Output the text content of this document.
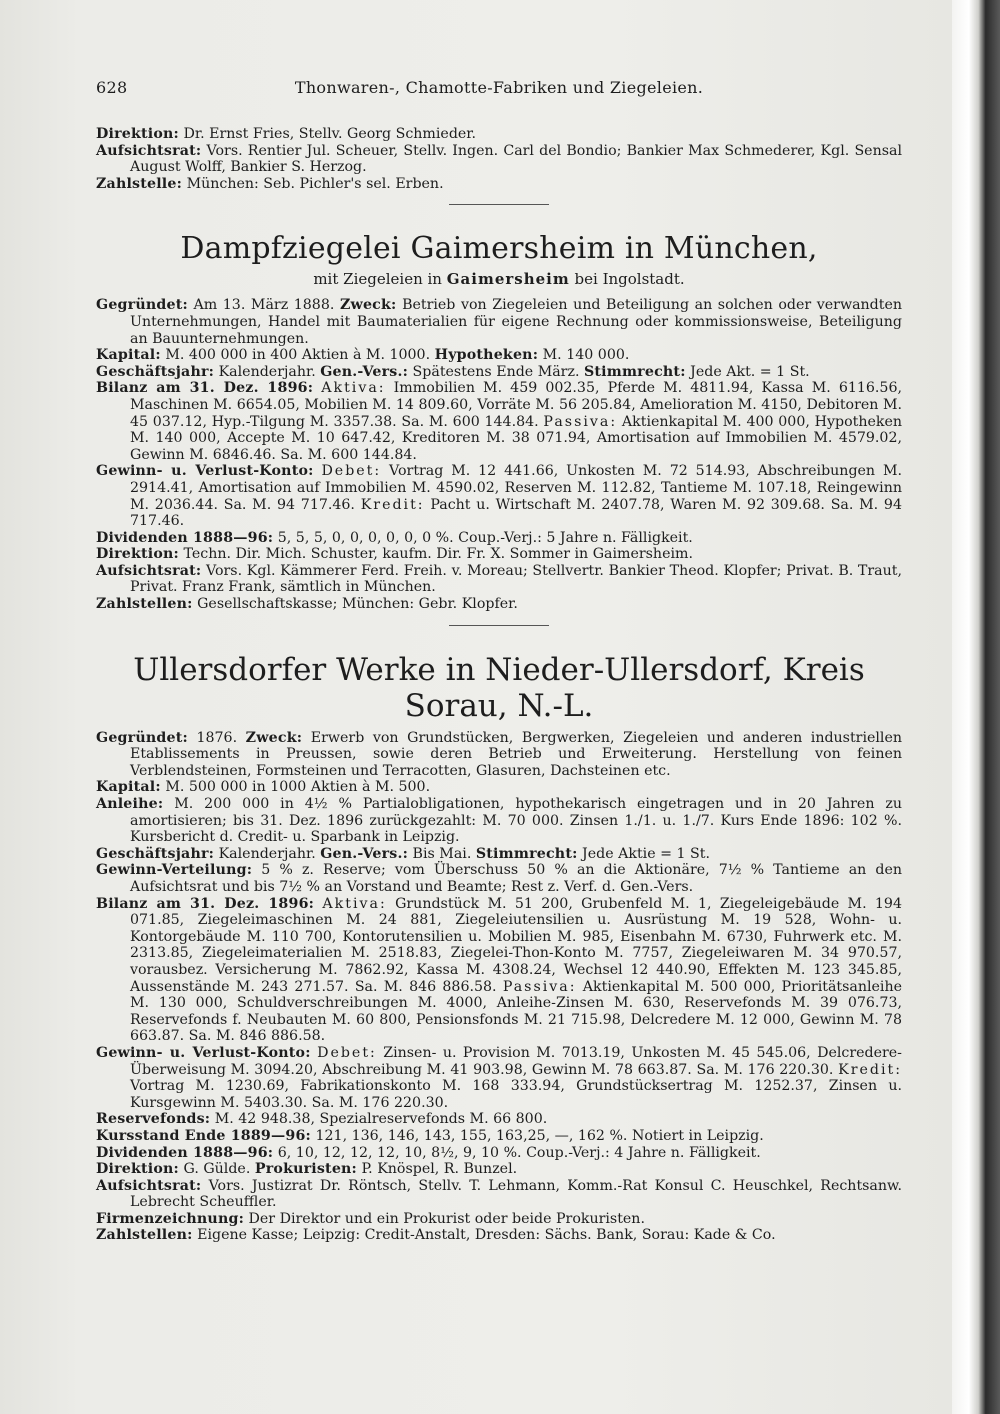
628	Thonwaren-, Chamotte-Fabriken und Ziegeleien.

Direktion: Dr. Ernst Fries, Stellv. Georg Schmieder.

Aufsichtsrat: Vors. Rentier Jul. Scheuer, Stellv. Ingen. Carl del Bondio; Bankier Max Schmederer, Kgl. Sensal August Wolff, Bankier S. Herzog.

Zahlstelle: München: Seb. Pichler's sel. Erben.

Dampfziegelei Gaimersheim in München,
mit Ziegeleien in Gaimersheim bei Ingolstadt.

Gegründet: Am 13. März 1888. Zweck: Betrieb von Ziegeleien und Beteiligung an solchen oder verwandten Unternehmungen, Handel mit Baumaterialien für eigene Rechnung oder kommissionsweise, Beteiligung an Bauunternehmungen.

Kapital: M. 400 000 in 400 Aktien à M. 1000. Hypotheken: M. 140 000.

Geschäftsjahr: Kalenderjahr. Gen.-Vers.: Spätestens Ende März. Stimmrecht: Jede Akt. = 1 St.

Bilanz am 31. Dez. 1896: Aktiva: Immobilien M. 459 002.35, Pferde M. 4811.94, Kassa M. 6116.56, Maschinen M. 6654.05, Mobilien M. 14 809.60, Vorräte M. 56 205.84, Amelioration M. 4150, Debitoren M. 45 037.12, Hyp.-Tilgung M. 3357.38. Sa. M. 600 144.84. Passiva: Aktienkapital M. 400 000, Hypotheken M. 140 000, Accepte M. 10 647.42, Kreditoren M. 38 071.94, Amortisation auf Immobilien M. 4579.02, Gewinn M. 6846.46. Sa. M. 600 144.84.

Gewinn- u. Verlust-Konto: Debet: Vortrag M. 12 441.66, Unkosten M. 72 514.93, Abschreibungen M. 2914.41, Amortisation auf Immobilien M. 4590.02, Reserven M. 112.82, Tantieme M. 107.18, Reingewinn M. 2036.44. Sa. M. 94 717.46. Kredit: Pacht u. Wirtschaft M. 2407.78, Waren M. 92 309.68. Sa. M. 94 717.46.

Dividenden 1888—96: 5, 5, 5, 0, 0, 0, 0, 0, 0 %. Coup.-Verj.: 5 Jahre n. Fälligkeit.

Direktion: Techn. Dir. Mich. Schuster, kaufm. Dir. Fr. X. Sommer in Gaimersheim.

Aufsichtsrat: Vors. Kgl. Kämmerer Ferd. Freih. v. Moreau; Stellvertr. Bankier Theod. Klopfer; Privat. B. Traut, Privat. Franz Frank, sämtlich in München.

Zahlstellen: Gesellschaftskasse; München: Gebr. Klopfer.

Ullersdorfer Werke in Nieder-Ullersdorf, Kreis Sorau, N.-L.

Gegründet: 1876. Zweck: Erwerb von Grundstücken, Bergwerken, Ziegeleien und anderen industriellen Etablissements in Preussen, sowie deren Betrieb und Erweiterung. Herstellung von feinen Verblendsteinen, Formsteinen und Terracotten, Glasuren, Dachsteinen etc.

Kapital: M. 500 000 in 1000 Aktien à M. 500.

Anleihe: M. 200 000 in 4½ % Partialobligationen, hypothekarisch eingetragen und in 20 Jahren zu amortisieren; bis 31. Dez. 1896 zurückgezahlt: M. 70 000. Zinsen 1./1. u. 1./7. Kurs Ende 1896: 102 %. Kursbericht d. Credit- u. Sparbank in Leipzig.

Geschäftsjahr: Kalenderjahr. Gen.-Vers.: Bis Mai. Stimmrecht: Jede Aktie = 1 St.

Gewinn-Verteilung: 5 % z. Reserve; vom Überschuss 50 % an die Aktionäre, 7½ % Tantieme an den Aufsichtsrat und bis 7½ % an Vorstand und Beamte; Rest z. Verf. d. Gen.-Vers.

Bilanz am 31. Dez. 1896: Aktiva: Grundstück M. 51 200, Grubenfeld M. 1, Ziegeleigebäude M. 194 071.85, Ziegeleimaschinen M. 24 881, Ziegeleiutensilien u. Ausrüstung M. 19 528, Wohn- u. Kontorgebäude M. 110 700, Kontorutensilien u. Mobilien M. 985, Eisenbahn M. 6730, Fuhrwerk etc. M. 2313.85, Ziegeleimaterialien M. 2518.83, Ziegelei-Thon-Konto M. 7757, Ziegeleiwaren M. 34 970.57, vorausbez. Versicherung M. 7862.92, Kassa M. 4308.24, Wechsel 12 440.90, Effekten M. 123 345.85, Aussenstände M. 243 271.57. Sa. M. 846 886.58. Passiva: Aktienkapital M. 500 000, Prioritätsanleihe M. 130 000, Schuldverschreibungen M. 4000, Anleihe-Zinsen M. 630, Reservefonds M. 39 076.73, Reservefonds f. Neubauten M. 60 800, Pensionsfonds M. 21 715.98, Delcredere M. 12 000, Gewinn M. 78 663.87. Sa. M. 846 886.58.

Gewinn- u. Verlust-Konto: Debet: Zinsen- u. Provision M. 7013.19, Unkosten M. 45 545.06, Delcredere-Überweisung M. 3094.20, Abschreibung M. 41 903.98, Gewinn M. 78 663.87. Sa. M. 176 220.30. Kredit: Vortrag M. 1230.69, Fabrikationskonto M. 168 333.94, Grundstücksertrag M. 1252.37, Zinsen u. Kursgewinn M. 5403.30. Sa. M. 176 220.30.

Reservefonds: M. 42 948.38, Spezialreservefonds M. 66 800.

Kursstand Ende 1889—96: 121, 136, 146, 143, 155, 163,25, —, 162 %. Notiert in Leipzig.

Dividenden 1888—96: 6, 10, 12, 12, 12, 10, 8½, 9, 10 %. Coup.-Verj.: 4 Jahre n. Fälligkeit.

Direktion: G. Gülde. Prokuristen: P. Knöspel, R. Bunzel.

Aufsichtsrat: Vors. Justizrat Dr. Röntsch, Stellv. T. Lehmann, Komm.-Rat Konsul C. Heuschkel, Rechtsanw. Lebrecht Scheuffler.

Firmenzeichnung: Der Direktor und ein Prokurist oder beide Prokuristen.

Zahlstellen: Eigene Kasse; Leipzig: Credit-Anstalt, Dresden: Sächs. Bank, Sorau: Kade & Co.
